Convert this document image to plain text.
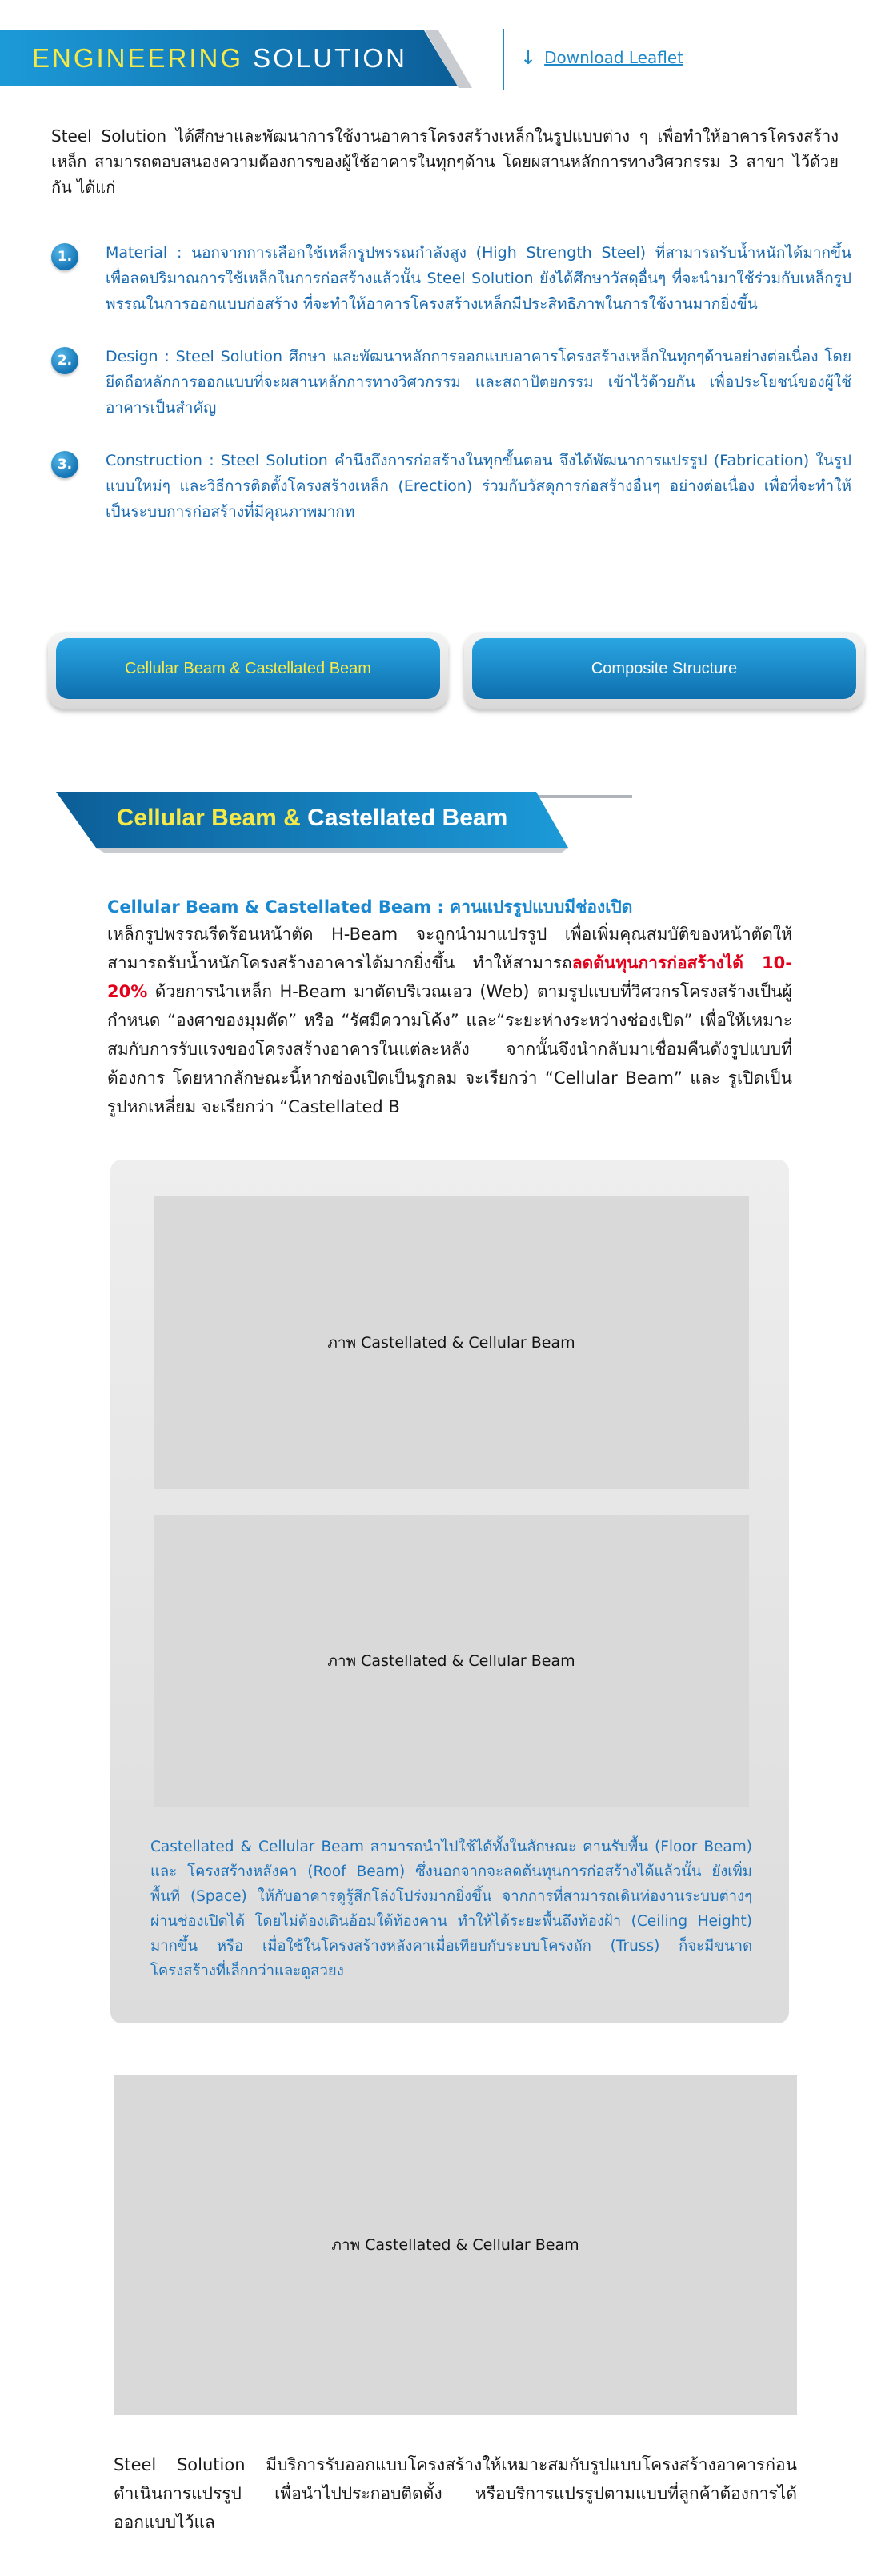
ENGINEERING SOLUTION	↓ Download Leaflet

Steel Solution ได้ศึกษาและพัฒนาการใช้งานอาคารโครงสร้างเหล็กในรูปแบบต่าง ๆ เพื่อทำให้อาคารโครงสร้างเหล็ก สามารถตอบสนองความต้องการของผู้ใช้อาคารในทุกๆด้าน โดยผสานหลักการทางวิศวกรรม 3 สาขา ไว้ด้วยกัน ได้แก่

1.	Material : นอกจากการเลือกใช้เหล็กรูปพรรณกำลังสูง (High Strength Steel) ที่สามารถรับน้ำหนักได้มากขึ้น เพื่อลดปริมาณการใช้เหล็กในการก่อสร้างแล้วนั้น Steel Solution ยังได้ศึกษาวัสดุอื่นๆ ที่จะนำมาใช้ร่วมกับเหล็กรูปพรรณในการออกแบบก่อสร้าง ที่จะทำให้อาคารโครงสร้างเหล็กมีประสิทธิภาพในการใช้งานมากยิ่งขึ้น

2.	Design : Steel Solution ศึกษา และพัฒนาหลักการออกแบบอาคารโครงสร้างเหล็กในทุกๆด้านอย่างต่อเนื่อง โดยยึดถือหลักการออกแบบที่จะผสานหลักการทางวิศวกรรม และสถาปัตยกรรม เข้าไว้ด้วยกัน เพื่อประโยชน์ของผู้ใช้อาคารเป็นสำคัญ

3.	Construction : Steel Solution คำนึงถึงการก่อสร้างในทุกขั้นตอน จึงได้พัฒนาการแปรรูป (Fabrication) ในรูปแบบใหม่ๆ และวิธีการติดตั้งโครงสร้างเหล็ก (Erection) ร่วมกับวัสดุการก่อสร้างอื่นๆ อย่างต่อเนื่อง เพื่อที่จะทำให้เป็นระบบการก่อสร้างที่มีคุณภาพมากท

Cellular Beam & Castellated Beam	Composite Structure
Cellular Beam & Castellated Beam
Cellular Beam & Castellated Beam : คานแปรรูปแบบมีช่องเปิด

เหล็กรูปพรรณรีดร้อนหน้าตัด H-Beam จะถูกนำมาแปรรูป เพื่อเพิ่มคุณสมบัติของหน้าตัดให้สามารถรับน้ำหนักโครงสร้างอาคารได้มากยิ่งขึ้น ทำให้สามารถลดต้นทุนการก่อสร้างได้ 10-20% ด้วยการนำเหล็ก H-Beam มาตัดบริเวณเอว (Web) ตามรูปแบบที่วิศวกรโครงสร้างเป็นผู้กำหนด “องศาของมุมตัด” หรือ “รัศมีความโค้ง” และ“ระยะห่างระหว่างช่องเปิด” เพื่อให้เหมาะสมกับการรับแรงของโครงสร้างอาคารในแต่ละหลัง จากนั้นจึงนำกลับมาเชื่อมคืนดังรูปแบบที่ต้องการ โดยหากลักษณะนี้หากช่องเปิดเป็นรูกลม จะเรียกว่า “Cellular Beam” และ รูเปิดเป็นรูปหกเหลี่ยม จะเรียกว่า “Castellated B

ภาพ Castellated & Cellular Beam
ภาพ Castellated & Cellular Beam

Castellated & Cellular Beam สามารถนำไปใช้ได้ทั้งในลักษณะ คานรับพื้น (Floor Beam) และ โครงสร้างหลังคา (Roof Beam) ซึ่งนอกจากจะลดต้นทุนการก่อสร้างได้แล้วนั้น ยังเพิ่มพื้นที่ (Space) ให้กับอาคารดูรู้สึกโล่งโปร่งมากยิ่งขึ้น จากการที่สามารถเดินท่องานระบบต่างๆ ผ่านช่องเปิดได้ โดยไม่ต้องเดินอ้อมใต้ท้องคาน ทำให้ได้ระยะพื้นถึงท้องฝ้า (Ceiling Height) มากขึ้น หรือ เมื่อใช้ในโครงสร้างหลังคาเมื่อเทียบกับระบบโครงถัก (Truss) ก็จะมีขนาดโครงสร้างที่เล็กกว่าและดูสวยง

ภาพ Castellated & Cellular Beam

Steel Solution มีบริการรับออกแบบโครงสร้างให้เหมาะสมกับรูปแบบโครงสร้างอาคารก่อนดำเนินการแปรรูป เพื่อนำไปประกอบติดตั้ง หรือบริการแปรรูปตามแบบที่ลูกค้าต้องการได้ออกแบบไว้แล
